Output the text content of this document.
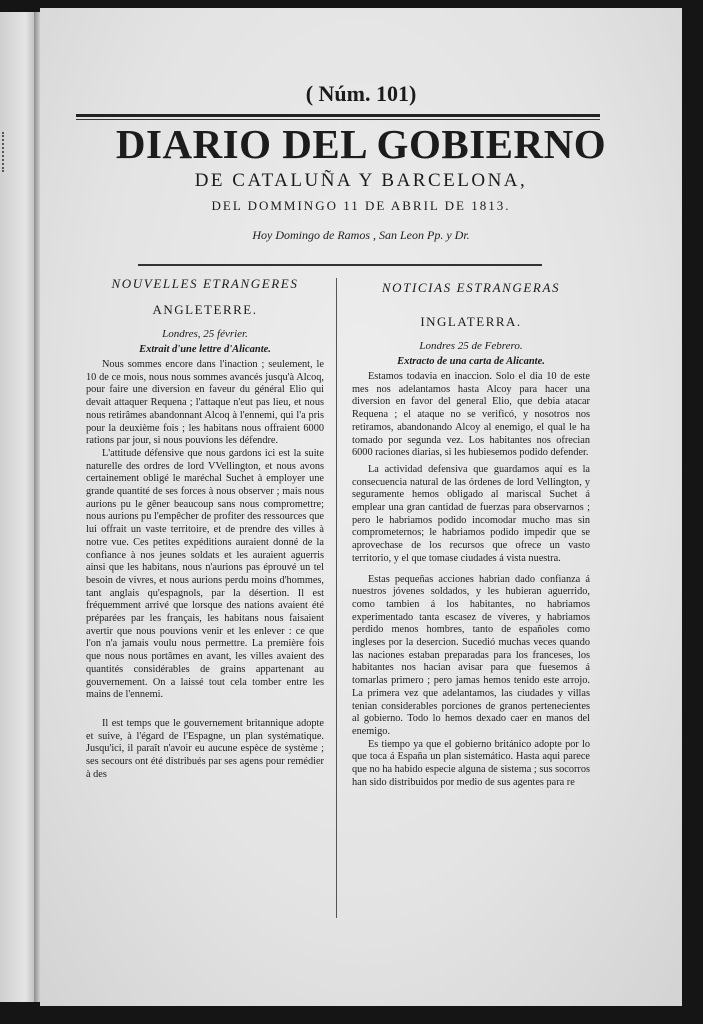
( Núm. 101)
DIARIO DEL GOBIERNO
DE CATALUÑA Y BARCELONA,
DEL DOMMINGO 11 DE ABRIL DE 1813.
Hoy Domingo de Ramos , San Leon Pp. y Dr.

NOUVELLES ETRANGERES

ANGLETERRE.

Londres, 25 février.

Extrait d'une lettre d'Alicante.

Nous sommes encore dans l'inaction ; seulement, le 10 de ce mois, nous nous sommes avancés jusqu'à Alcoq, pour faire une diversion en faveur du général Elio qui devait attaquer Requena ; l'attaque n'eut pas lieu, et nous nous retirâmes abandonnant Alcoq à l'ennemi, qui l'a pris pour la deuxième fois ; les habitans nous offraient 6000 rations par jour, si nous pouvions les défendre.

L'attitude défensive que nous gardons ici est la suite naturelle des ordres de lord VVellington, et nous avons certainement obligé le maréchal Suchet à employer une grande quantité de ses forces à nous observer ; mais nous aurions pu le gêner beaucoup sans nous compromettre; nous aurions pu l'empêcher de profiter des ressources que lui offrait un vaste territoire, et de prendre des villes à notre vue. Ces petites expéditions auraient donné de la confiance à nos jeunes soldats et les auraient aguerris ainsi que les habitans, nous n'aurions pas éprouvé un tel besoin de vivres, et nous aurions perdu moins d'hommes, tant anglais qu'espagnols, par la désertion. Il est fréquemment arrivé que lorsque des nations avaient été préparées par les français, les habitans nous faisaient avertir que nous pouvions venir et les enlever : ce que l'on n'a jamais voulu nous permettre. La première fois que nous nous portâmes en avant, les villes avaient des quantités considérables de grains appartenant au gouvernement. On a laissé tout cela tomber entre les mains de l'ennemi.

Il est temps que le gouvernement britannique adopte et suive, à l'égard de l'Espagne, un plan systématique. Jusqu'ici, il paraît n'avoir eu aucune espèce de système ; ses secours ont été distribués par ses agens pour remédier à des

NOTICIAS ESTRANGERAS

INGLATERRA.

Londres 25 de Febrero.

Extracto de una carta de Alicante.

Estamos todavia en inaccion. Solo el dia 10 de este mes nos adelantamos hasta Alcoy para hacer una diversion en favor del general Elio, que debia atacar Requena ; el ataque no se verificó, y nosotros nos retiramos, abandonando Alcoy al enemigo, el qual le ha tomado por segunda vez. Los habitantes nos ofrecian 6000 raciones diarias, si les hubiesemos podido defender.

La actividad defensiva que guardamos aquí es la consecuencia natural de las órdenes de lord Vellington, y seguramente hemos obligado al mariscal Suchet á emplear una gran cantidad de fuerzas para observarnos ; pero le habriamos podido incomodar mucho mas sin comprometernos; le habriamos podido impedir que se aprovechase de los recursos que ofrece un vasto territorio, y el que tomase ciudades á vista nuestra.

Estas pequeñas acciones habrian dado confianza á nuestros jóvenes soldados, y les hubieran aguerrido, como tambien á los habitantes, no habriamos experimentado tanta escasez de víveres, y habriamos perdido menos hombres, tanto de españoles como ingleses por la desercion. Sucedió muchas veces quando las naciones estaban preparadas para los franceses, los habitantes nos hacian avisar para que fuesemos á tomarlas primero ; pero jamas hemos tenido este arrojo. La primera vez que adelantamos, las ciudades y villas tenian considerables porciones de granos pertenecientes al gobierno. Todo lo hemos dexado caer en manos del enemigo.

Es tiempo ya que el gobierno británico adopte por lo que toca á España un plan sistemático. Hasta aqui parece que no ha habido especie alguna de sistema ; sus socorros han sido distribuidos por medio de sus agentes para re
